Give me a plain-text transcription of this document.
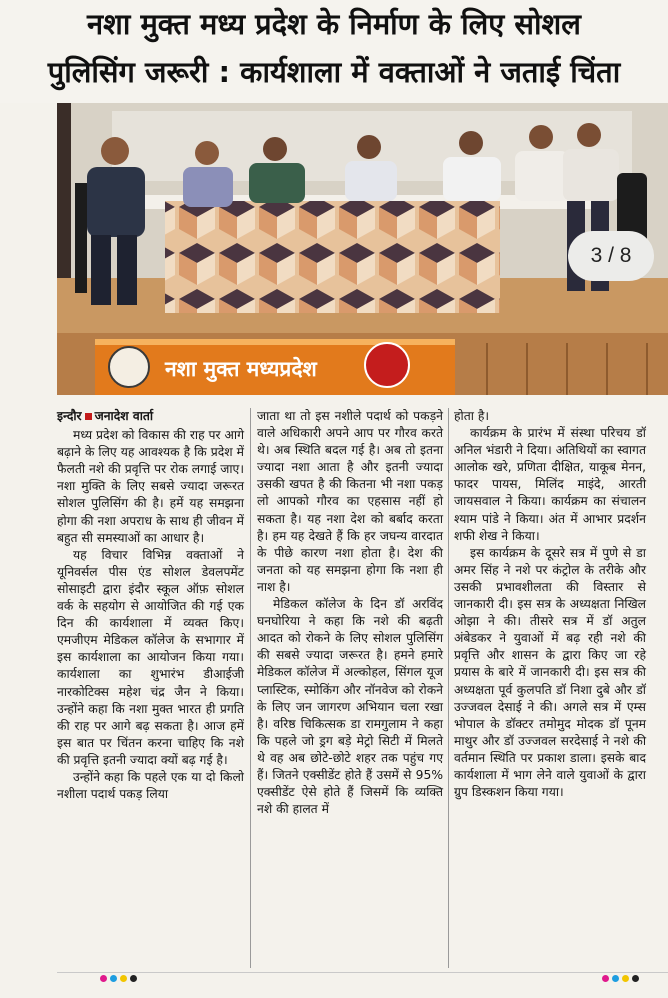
नशा मुक्त मध्य प्रदेश के निर्माण के लिए सोशल
पुलिसिंग जरूरी : कार्यशाला में वक्ताओं ने जताई चिंता
नशा मुक्त मध्यप्रदेश
3 / 8

इन्दौर जनादेश वार्ता

मध्य प्रदेश को विकास की राह पर आगे बढ़ाने के लिए यह आवश्यक है कि प्रदेश में फैलती नशे की प्रवृत्ति पर रोक लगाई जाए। नशा मुक्ति के लिए सबसे ज्यादा जरूरत सोशल पुलिसिंग की है। हमें यह समझना होगा की नशा अपराध के साथ ही जीवन में बहुत सी समस्याओं का आधार है।

यह विचार विभिन्न वक्ताओं ने यूनिवर्सल पीस एंड सोशल डेवलपमेंट सोसाइटी द्वारा इंदौर स्कूल ऑफ़ सोशल वर्क के सहयोग से आयोजित की गई एक दिन की कार्यशाला में व्यक्त किए। एमजीएम मेडिकल कॉलेज के सभागार में इस कार्यशाला का आयोजन किया गया। कार्यशाला का शुभारंभ डीआईजी नारकोटिक्स महेश चंद्र जैन ने किया। उन्होंने कहा कि नशा मुक्त भारत ही प्रगति की राह पर आगे बढ़ सकता है। आज हमें इस बात पर चिंतन करना चाहिए कि नशे की प्रवृत्ति इतनी ज्यादा क्यों बढ़ गई है।

उन्होंने कहा कि पहले एक या दो किलो नशीला पदार्थ पकड़ लिया

जाता था तो इस नशीले पदार्थ को पकड़ने वाले अधिकारी अपने आप पर गौरव करते थे। अब स्थिति बदल गई है। अब तो इतना ज्यादा नशा आता है और इतनी ज्यादा उसकी खपत है की कितना भी नशा पकड़ लो आपको गौरव का एहसास नहीं हो सकता है। यह नशा देश को बर्बाद करता है। हम यह देखते हैं कि हर जघन्य वारदात के पीछे कारण नशा होता है। देश की जनता को यह समझना होगा कि नशा ही नाश है।

मेडिकल कॉलेज के दिन डॉ अरविंद घनघोरिया ने कहा कि नशे की बढ़ती आदत को रोकने के लिए सोशल पुलिसिंग की सबसे ज्यादा जरूरत है। हमने हमारे मेडिकल कॉलेज में अल्कोहल, सिंगल यूज प्लास्टिक, स्मोकिंग और नॉनवेज को रोकने के लिए जन जागरण अभियान चला रखा है। वरिष्ठ चिकित्सक डा रामगुलाम ने कहा कि पहले जो ड्रग बड़े मेट्रो सिटी में मिलते थे वह अब छोटे-छोटे शहर तक पहुंच गए हैं। जितने एक्सीडेंट होते हैं उसमें से 95% एक्सीडेंट ऐसे होते हैं जिसमें कि व्यक्ति नशे की हालत में

होता है।

कार्यक्रम के प्रारंभ में संस्था परिचय डॉ अनिल भंडारी ने दिया। अतिथियों का स्वागत आलोक खरे, प्रणिता दीक्षित, याकूब मेनन, फादर पायस, मिलिंद माइंदे, आरती जायसवाल ने किया। कार्यक्रम का संचालन श्याम पांडे ने किया। अंत में आभार प्रदर्शन शफी शेख ने किया।

इस कार्यक्रम के दूसरे सत्र में पुणे से डा अमर सिंह ने नशे पर कंट्रोल के तरीके और उसकी प्रभावशीलता की विस्तार से जानकारी दी। इस सत्र के अध्यक्षता निखिल ओझा ने की। तीसरे सत्र में डॉ अतुल अंबेडकर ने युवाओं में बढ़ रही नशे की प्रवृत्ति और शासन के द्वारा किए जा रहे प्रयास के बारे में जानकारी दी। इस सत्र की अध्यक्षता पूर्व कुलपति डॉ निशा दुबे और डॉ उज्जवल देसाई ने की। अगले सत्र में एम्स भोपाल के डॉक्टर तमोमुद मोदक डॉ पूनम माथुर और डॉ उज्जवल सरदेसाई ने नशे की वर्तमान स्थिति पर प्रकाश डाला। इसके बाद कार्यशाला में भाग लेने वाले युवाओं के द्वारा ग्रुप डिस्कशन किया गया।
